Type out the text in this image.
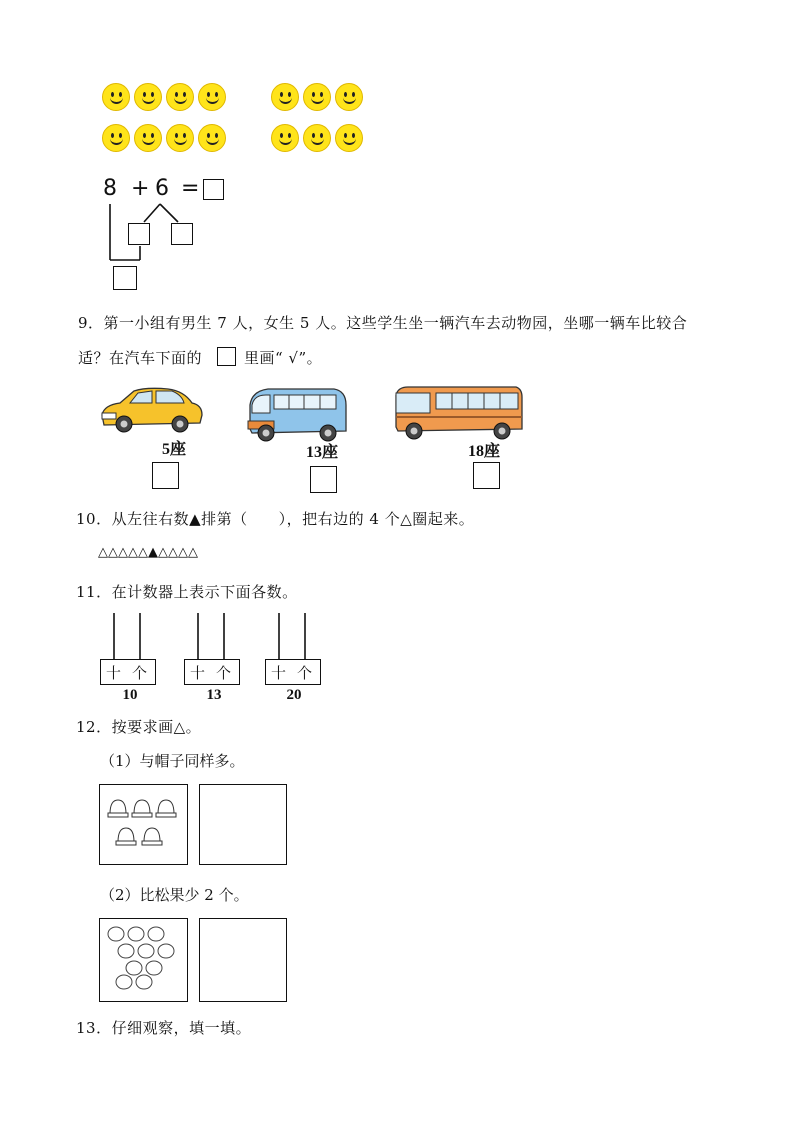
8 + 6 =
9．第一小组有男生 7 人，女生 5 人。这些学生坐一辆汽车去动物园，坐哪一辆车比较合
适？在汽车下面的	里画“ √”。
5座	13座	18座
10．从左往右数▲排第（　　），把右边的 4 个△圈起来。
△△△△△▲△△△△
11．在计数器上表示下面各数。
十 个
10
十 个
13
十 个
20
12．按要求画△。
（1）与帽子同样多。
（2）比松果少 2 个。
13．仔细观察，填一填。
